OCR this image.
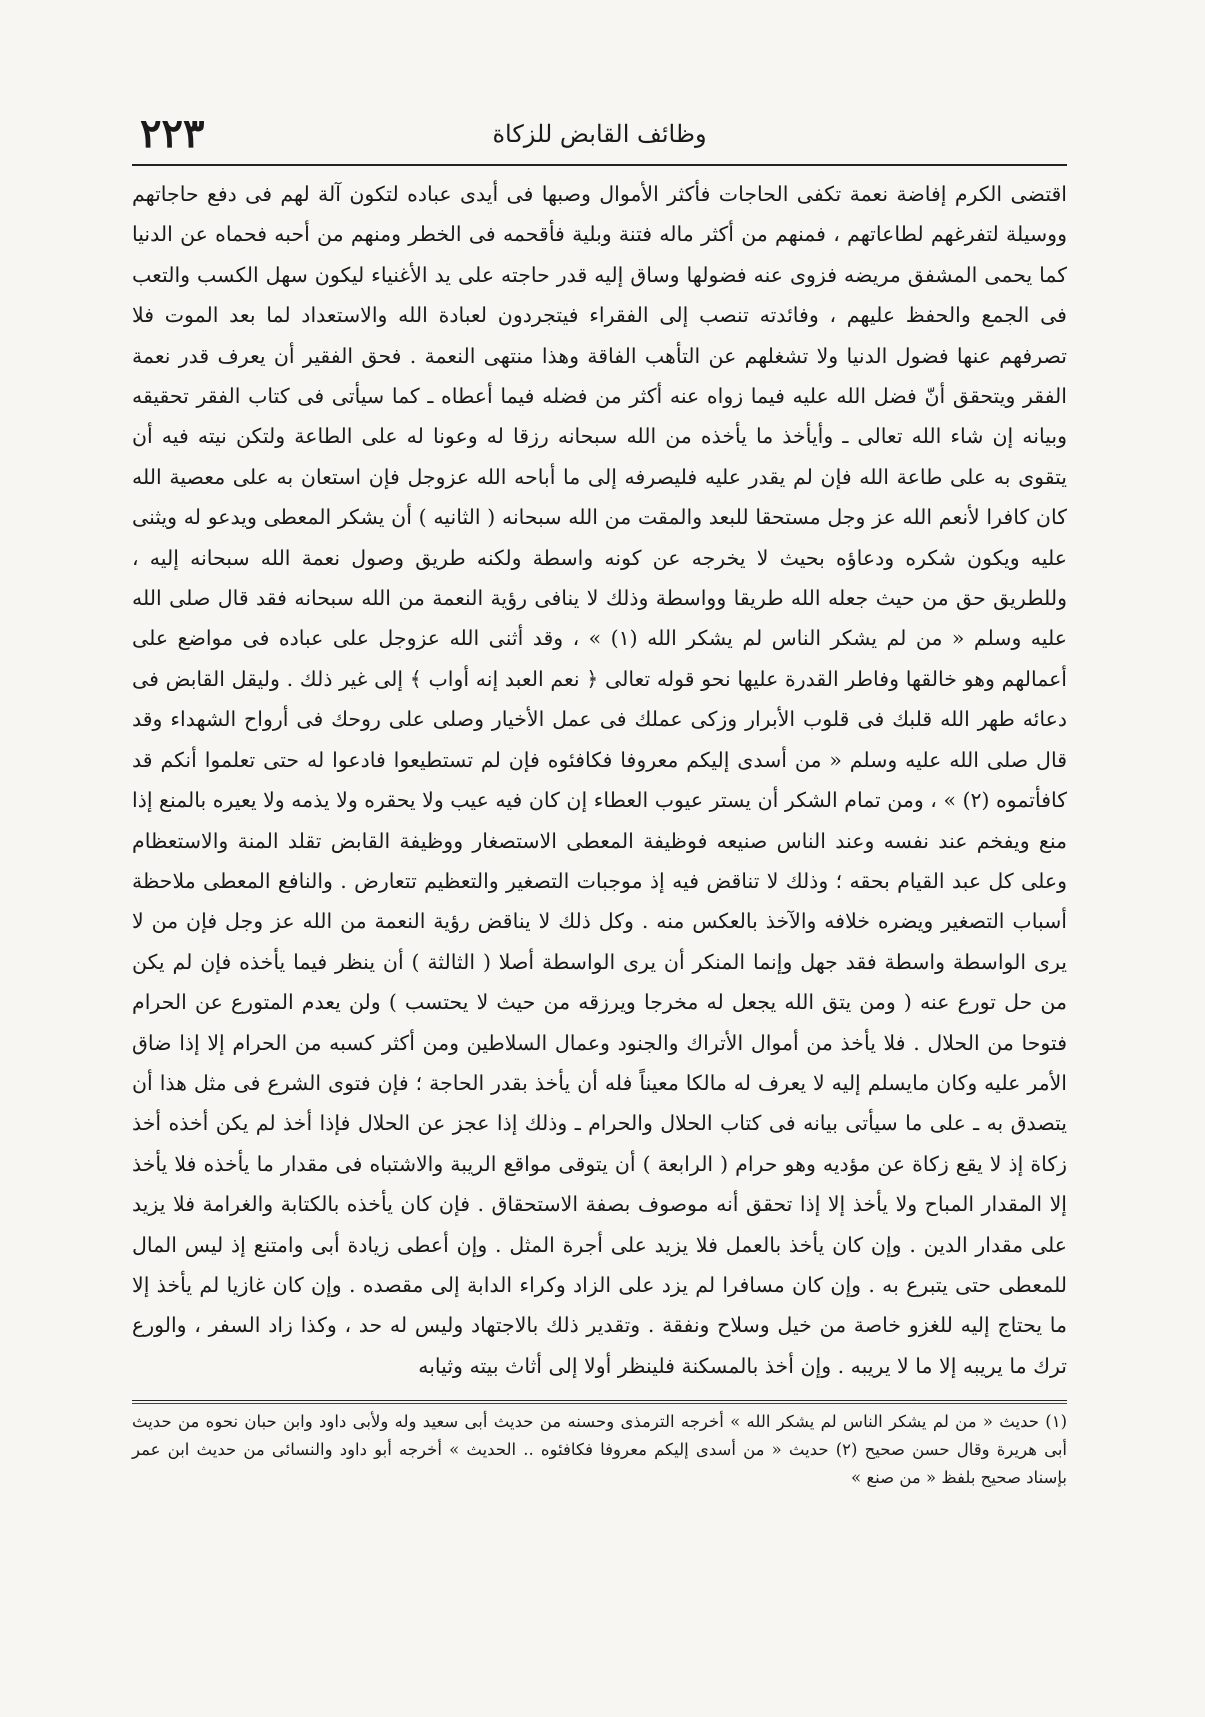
وظائف القابض للزكاة
٢٢٣

اقتضى الكرم إفاضة نعمة تكفى الحاجات فأكثر الأموال وصبها فى أيدى عباده لتكون آلة لهم فى دفع حاجاتهم ووسيلة لتفرغهم لطاعاتهم ، فمنهم من أكثر ماله فتنة وبلية فأقحمه فى الخطر ومنهم من أحبه فحماه عن الدنيا كما يحمى المشفق مريضه فزوى عنه فضولها وساق إليه قدر حاجته على يد الأغنياء ليكون سهل الكسب والتعب فى الجمع والحفظ عليهم ، وفائدته تنصب إلى الفقراء فيتجردون لعبادة الله والاستعداد لما بعد الموت فلا تصرفهم عنها فضول الدنيا ولا تشغلهم عن التأهب الفاقة وهذا منتهى النعمة . فحق الفقير أن يعرف قدر نعمة الفقر ويتحقق أنّ فضل الله عليه فيما زواه عنه أكثر من فضله فيما أعطاه ـ كما سيأتى فى كتاب الفقر تحقيقه وبيانه إن شاء الله تعالى ـ وأيأخذ ما يأخذه من الله سبحانه رزقا له وعونا له على الطاعة ولتكن نيته فيه أن يتقوى به على طاعة الله فإن لم يقدر عليه فليصرفه إلى ما أباحه الله عزوجل فإن استعان به على معصية الله كان كافرا لأنعم الله عز وجل مستحقا للبعد والمقت من الله سبحانه ( الثانيه ) أن يشكر المعطى ويدعو له ويثنى عليه ويكون شكره ودعاؤه بحيث لا يخرجه عن كونه واسطة ولكنه طريق وصول نعمة الله سبحانه إليه ، وللطريق حق من حيث جعله الله طريقا وواسطة وذلك لا ينافى رؤية النعمة من الله سبحانه فقد قال صلى الله عليه وسلم « من لم يشكر الناس لم يشكر الله (١) » ، وقد أثنى الله عزوجل على عباده فى مواضع على أعمالهم وهو خالقها وفاطر القدرة عليها نحو قوله تعالى ﴿ نعم العبد إنه أواب ﴾ إلى غير ذلك . وليقل القابض فى دعائه طهر الله قلبك فى قلوب الأبرار وزكى عملك فى عمل الأخيار وصلى على روحك فى أرواح الشهداء وقد قال صلى الله عليه وسلم « من أسدى إليكم معروفا فكافئوه فإن لم تستطيعوا فادعوا له حتى تعلموا أنكم قد كافأتموه (٢) » ، ومن تمام الشكر أن يستر عيوب العطاء إن كان فيه عيب ولا يحقره ولا يذمه ولا يعيره بالمنع إذا منع ويفخم عند نفسه وعند الناس صنيعه فوظيفة المعطى الاستصغار ووظيفة القابض تقلد المنة والاستعظام وعلى كل عبد القيام بحقه ؛ وذلك لا تناقض فيه إذ موجبات التصغير والتعظيم تتعارض . والنافع المعطى ملاحظة أسباب التصغير ويضره خلافه والآخذ بالعكس منه . وكل ذلك لا يناقض رؤية النعمة من الله عز وجل فإن من لا يرى الواسطة واسطة فقد جهل وإنما المنكر أن يرى الواسطة أصلا ( الثالثة ) أن ينظر فيما يأخذه فإن لم يكن من حل تورع عنه ( ومن يتق الله يجعل له مخرجا ويرزقه من حيث لا يحتسب ) ولن يعدم المتورع عن الحرام فتوحا من الحلال . فلا يأخذ من أموال الأتراك والجنود وعمال السلاطين ومن أكثر كسبه من الحرام إلا إذا ضاق الأمر عليه وكان مايسلم إليه لا يعرف له مالكا معيناً فله أن يأخذ بقدر الحاجة ؛ فإن فتوى الشرع فى مثل هذا أن يتصدق به ـ على ما سيأتى بيانه فى كتاب الحلال والحرام ـ وذلك إذا عجز عن الحلال فإذا أخذ لم يكن أخذه أخذ زكاة إذ لا يقع زكاة عن مؤديه وهو حرام ( الرابعة ) أن يتوقى مواقع الريبة والاشتباه فى مقدار ما يأخذه فلا يأخذ إلا المقدار المباح ولا يأخذ إلا إذا تحقق أنه موصوف بصفة الاستحقاق . فإن كان يأخذه بالكتابة والغرامة فلا يزيد على مقدار الدين . وإن كان يأخذ بالعمل فلا يزيد على أجرة المثل . وإن أعطى زيادة أبى وامتنع إذ ليس المال للمعطى حتى يتبرع به . وإن كان مسافرا لم يزد على الزاد وكراء الدابة إلى مقصده . وإن كان غازيا لم يأخذ إلا ما يحتاج إليه للغزو خاصة من خيل وسلاح ونفقة . وتقدير ذلك بالاجتهاد وليس له حد ، وكذا زاد السفر ، والورع ترك ما يريبه إلا ما لا يريبه . وإن أخذ بالمسكنة فلينظر أولا إلى أثاث بيته وثيابه

(١) حديث « من لم يشكر الناس لم يشكر الله » أخرجه الترمذى وحسنه من حديث أبى سعيد وله ولأبى داود وابن حبان نحوه من حديث أبى هريرة وقال حسن صحيح (٢) حديث « من أسدى إليكم معروفا فكافئوه .. الحديث » أخرجه أبو داود والنسائى من حديث ابن عمر بإسناد صحيح بلفظ « من صنع »
